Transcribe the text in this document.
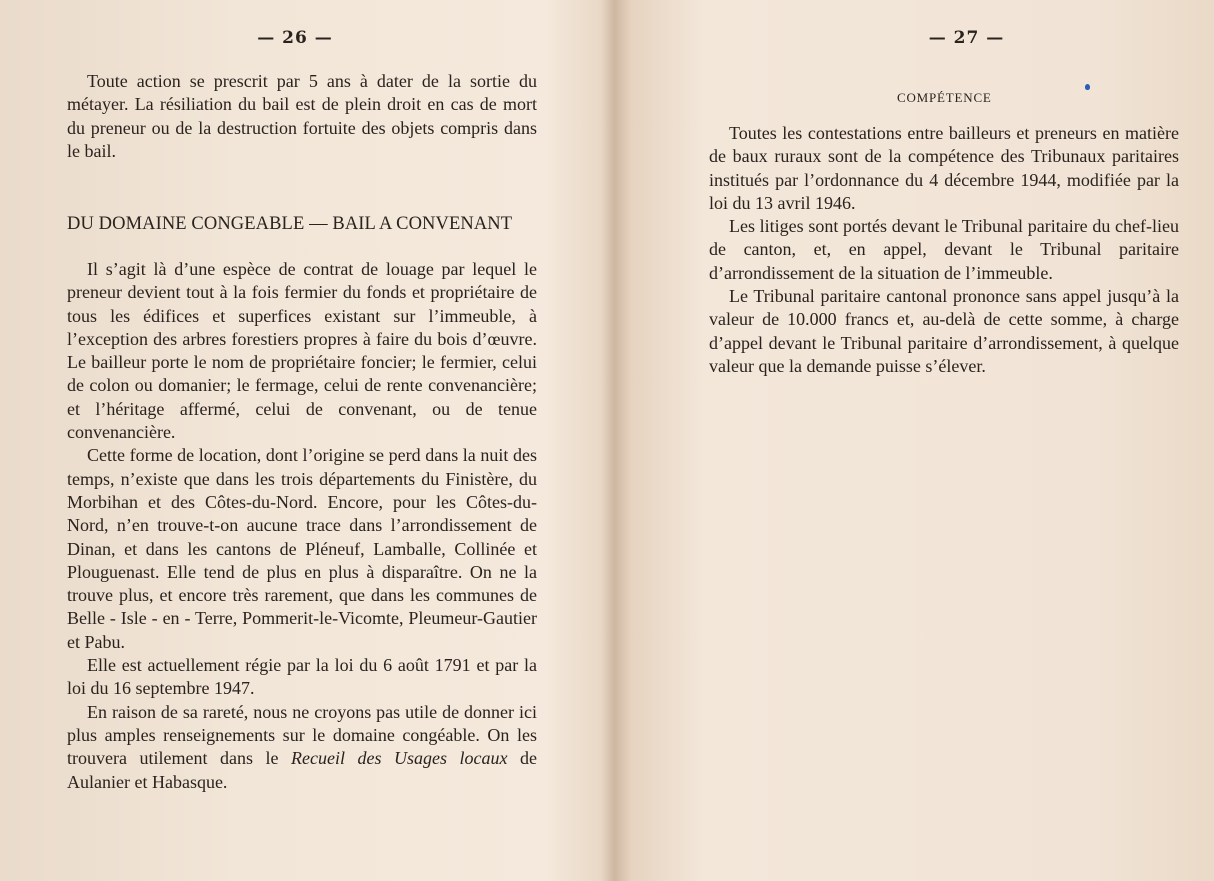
— 26 —

Toute action se prescrit par 5 ans à dater de la sortie du métayer. La résiliation du bail est de plein droit en cas de mort du preneur ou de la destruction fortuite des objets compris dans le bail.

DU DOMAINE CONGEABLE — BAIL A CONVENANT

Il s’agit là d’une espèce de contrat de louage par lequel le preneur devient tout à la fois fermier du fonds et propriétaire de tous les édifices et superfices existant sur l’immeuble, à l’exception des arbres forestiers propres à faire du bois d’œuvre. Le bailleur porte le nom de propriétaire foncier; le fermier, celui de colon ou domanier; le fermage, celui de rente convenancière; et l’héritage affermé, celui de convenant, ou de tenue convenancière.

Cette forme de location, dont l’origine se perd dans la nuit des temps, n’existe que dans les trois départements du Finistère, du Morbihan et des Côtes-du-Nord. Encore, pour les Côtes-du-Nord, n’en trouve-t-on aucune trace dans l’arrondissement de Dinan, et dans les cantons de Pléneuf, Lamballe, Collinée et Plouguenast. Elle tend de plus en plus à disparaître. On ne la trouve plus, et encore très rarement, que dans les communes de Belle - Isle - en - Terre, Pommerit-le-Vicomte, Pleumeur-Gautier et Pabu.

Elle est actuellement régie par la loi du 6 août 1791 et par la loi du 16 septembre 1947.

En raison de sa rareté, nous ne croyons pas utile de donner ici plus amples renseignements sur le domaine congéable. On les trouvera utilement dans le Recueil des Usages locaux de Aulanier et Habasque.

— 27 —
COMPÉTENCE

Toutes les contestations entre bailleurs et preneurs en matière de baux ruraux sont de la compétence des Tribunaux paritaires institués par l’ordonnance du 4 décembre 1944, modifiée par la loi du 13 avril 1946.

Les litiges sont portés devant le Tribunal paritaire du chef-lieu de canton, et, en appel, devant le Tribunal paritaire d’arrondissement de la situation de l’immeuble.

Le Tribunal paritaire cantonal prononce sans appel jusqu’à la valeur de 10.000 francs et, au-delà de cette somme, à charge d’appel devant le Tribunal paritaire d’arrondissement, à quelque valeur que la demande puisse s’élever.
